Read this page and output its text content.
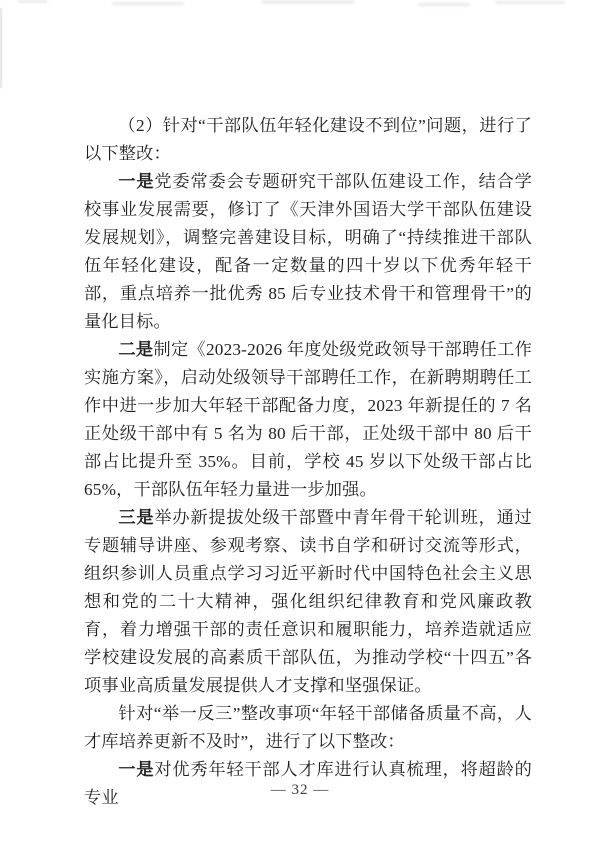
（2）针对“干部队伍年轻化建设不到位”问题，进行了以下整改：

一是党委常委会专题研究干部队伍建设工作，结合学校事业发展需要，修订了《天津外国语大学干部队伍建设发展规划》，调整完善建设目标，明确了“持续推进干部队伍年轻化建设，配备一定数量的四十岁以下优秀年轻干部，重点培养一批优秀 85 后专业技术骨干和管理骨干”的量化目标。

二是制定《2023-2026 年度处级党政领导干部聘任工作实施方案》，启动处级领导干部聘任工作，在新聘期聘任工作中进一步加大年轻干部配备力度，2023 年新提任的 7 名正处级干部中有 5 名为 80 后干部，正处级干部中 80 后干部占比提升至 35%。目前，学校 45 岁以下处级干部占比 65%，干部队伍年轻力量进一步加强。

三是举办新提拔处级干部暨中青年骨干轮训班，通过专题辅导讲座、参观考察、读书自学和研讨交流等形式，组织参训人员重点学习习近平新时代中国特色社会主义思想和党的二十大精神，强化组织纪律教育和党风廉政教育，着力增强干部的责任意识和履职能力，培养造就适应学校建设发展的高素质干部队伍，为推动学校“十四五”各项事业高质量发展提供人才支撑和坚强保证。

针对“举一反三”整改事项“年轻干部储备质量不高，人才库培养更新不及时”，进行了以下整改：

一是对优秀年轻干部人才库进行认真梳理，将超龄的专业	— 32 —
